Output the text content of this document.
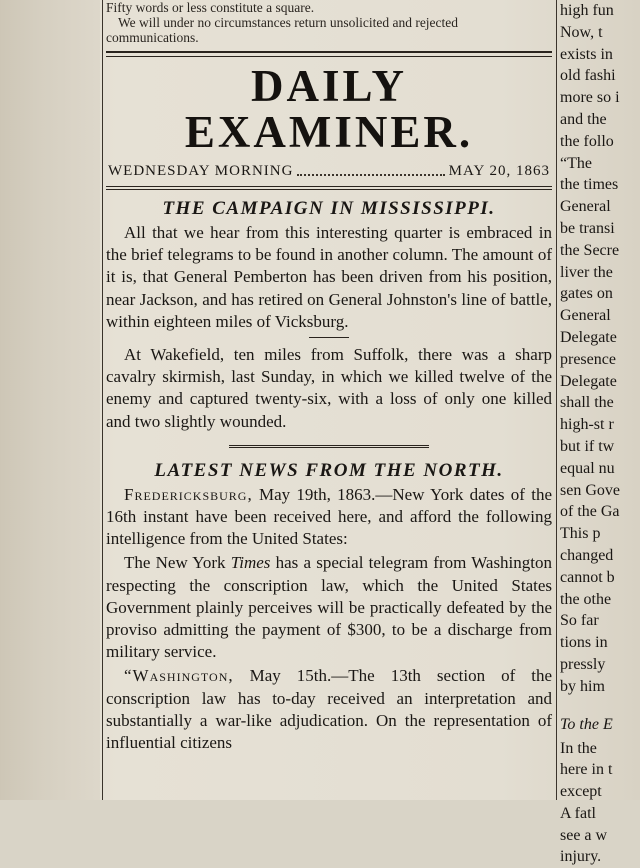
Fifty words or less constitute a square.

We will under no circumstances return unsolicited and rejected communications.

DAILY EXAMINER.
WEDNESDAY MORNING	MAY 20, 1863
THE CAMPAIGN IN MISSISSIPPI.

All that we hear from this interesting quarter is embraced in the brief telegrams to be found in another column. The amount of it is, that General Pemberton has been driven from his position, near Jackson, and has retired on General Johnston's line of battle, within eighteen miles of Vicksburg.

At Wakefield, ten miles from Suffolk, there was a sharp cavalry skirmish, last Sunday, in which we killed twelve of the enemy and captured twenty-six, with a loss of only one killed and two slightly wounded.

LATEST NEWS FROM THE NORTH.

Fredericksburg, May 19th, 1863.—New York dates of the 16th instant have been received here, and afford the following intelligence from the United States:

The New York Times has a special telegram from Washington respecting the conscription law, which the United States Government plainly perceives will be practically defeated by the proviso admitting the payment of $300, to be a discharge from military service.

“Washington, May 15th.—The 13th section of the conscription law has to-day received an interpretation and substantially a war-like adjudication. On the representation of influential citizens

high fun

Now, t

exists in

old fashi

more so i

and the

the follo

“The

the times

General

be transi

the Secre

liver the

gates on

General

Delegate

presence

Delegate

shall the

high-st r

but if tw

equal nu

sen Gove

of the Ga

This p

changed

cannot b

the othe

So far

tions in

pressly

by him

To the E

In the

here in t

except

A fatl

see a w

injury.
